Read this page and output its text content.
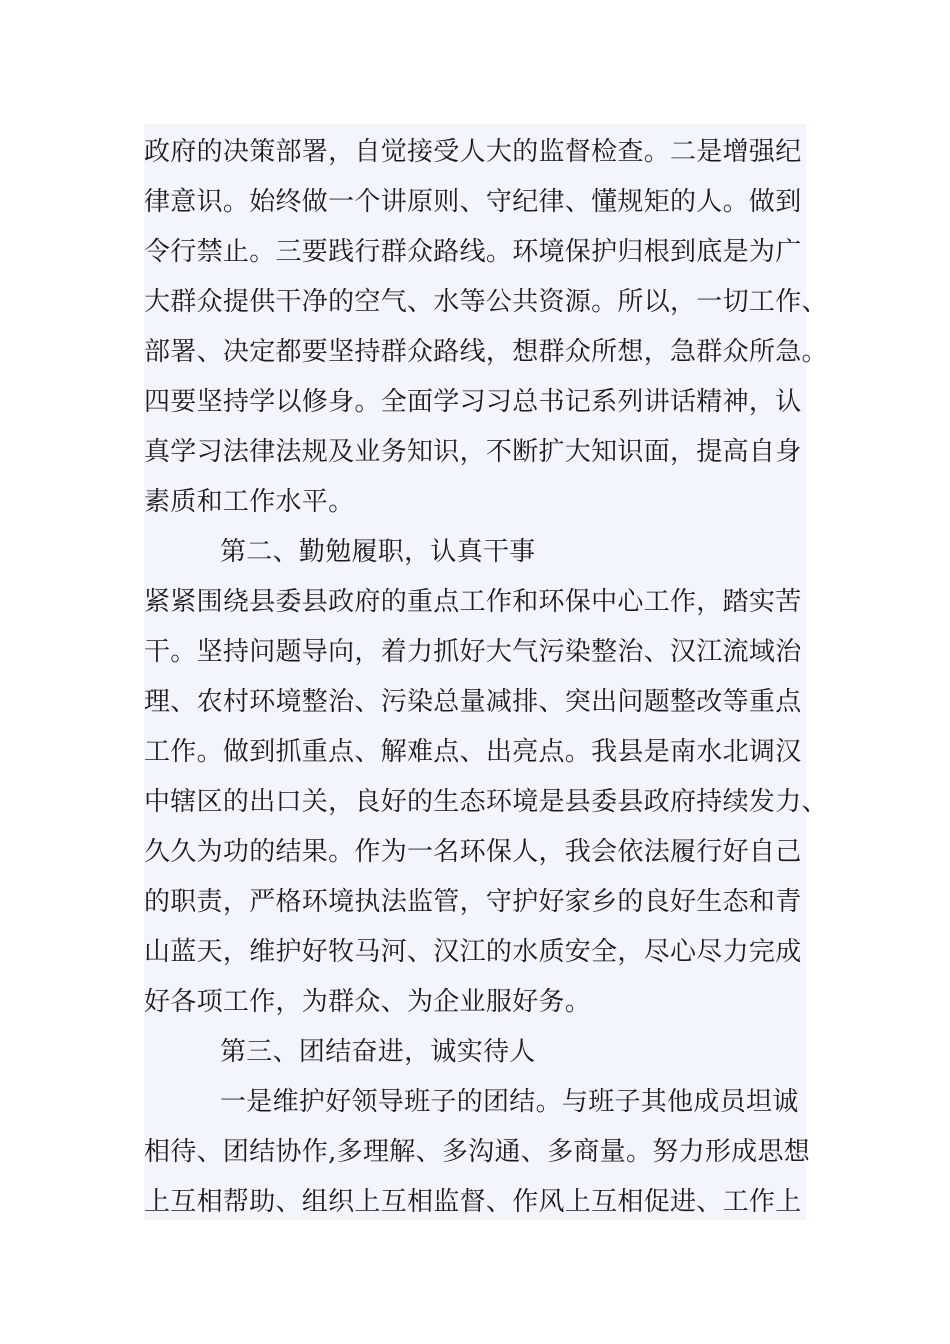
政府的决策部署，自觉接受人大的监督检查。二是增强纪
律意识。始终做一个讲原则、守纪律、懂规矩的人。做到
令行禁止。三要践行群众路线。环境保护归根到底是为广
大群众提供干净的空气、水等公共资源。所以，一切工作、
部署、决定都要坚持群众路线，想群众所想，急群众所急。
四要坚持学以修身。全面学习习总书记系列讲话精神，认
真学习法律法规及业务知识，不断扩大知识面，提高自身
素质和工作水平。
第二、勤勉履职，认真干事
紧紧围绕县委县政府的重点工作和环保中心工作，踏实苦
干。坚持问题导向，着力抓好大气污染整治、汉江流域治
理、农村环境整治、污染总量减排、突出问题整改等重点
工作。做到抓重点、解难点、出亮点。我县是南水北调汉
中辖区的出口关，良好的生态环境是县委县政府持续发力、
久久为功的结果。作为一名环保人，我会依法履行好自己
的职责，严格环境执法监管，守护好家乡的良好生态和青
山蓝天，维护好牧马河、汉江的水质安全，尽心尽力完成
好各项工作，为群众、为企业服好务。
第三、团结奋进，诚实待人
一是维护好领导班子的团结。与班子其他成员坦诚
相待、团结协作,多理解、多沟通、多商量。努力形成思想
上互相帮助、组织上互相监督、作风上互相促进、工作上
